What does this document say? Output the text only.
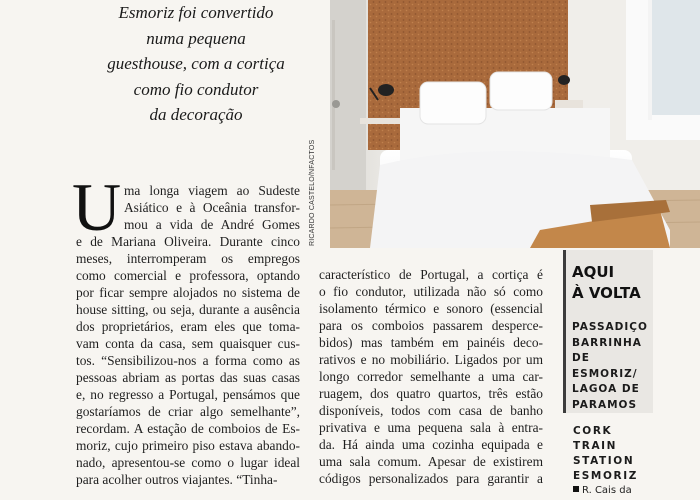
Esmoriz foi convertido
numa pequena
guesthouse, com a cortiça
como fio condutor
da decoração
RICARDO CASTELO/NFACTOS
U ma longa viagem ao Sudeste
Asiático e à Oceânia transfor-
mou a vida de André Gomes
e de Mariana Oliveira. Durante cinco
meses, interromperam os empregos
como comercial e professora, optando
por ficar sempre alojados no sistema de
house sitting, ou seja, durante a ausência
dos proprietários, eram eles que toma-
vam conta da casa, sem quaisquer cus-
tos. “Sensibilizou-nos a forma como as
pessoas abriam as portas das suas casas
e, no regresso a Portugal, pensámos que
gostaríamos de criar algo semelhante”,
recordam. A estação de comboios de Es-
moriz, cujo primeiro piso estava abando-
nado, apresentou-se como o lugar ideal
para acolher outros viajantes. “Tinha-
característico de Portugal, a cortiça é
o fio condutor, utilizada não só como
isolamento térmico e sonoro (essencial
para os comboios passarem desperce-
bidos) mas também em painéis deco-
rativos e no mobiliário. Ligados por um
longo corredor semelhante a uma car-
ruagem, dos quatro quartos, três estão
disponíveis, todos com casa de banho
privativa e uma pequena sala à entra-
da. Há ainda uma cozinha equipada e
uma sala comum. Apesar de existirem
códigos personalizados para garantir a
AQUI
À VOLTA
PASSADIÇO
BARRINHA
DE
ESMORIZ/
LAGOA DE
PARAMOS
CORK
TRAIN
STATION
ESMORIZ
R. Cais da
